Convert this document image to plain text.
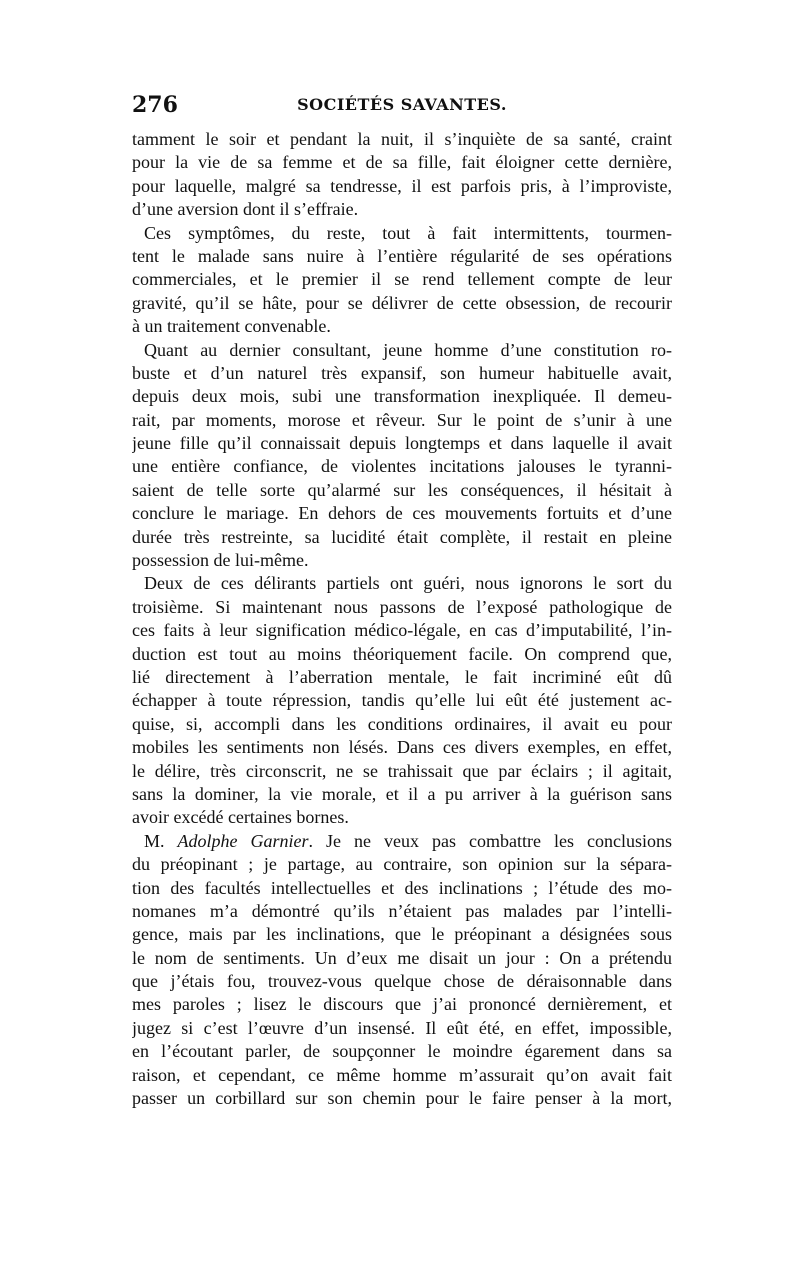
276	SOCIÉTÉS SAVANTES.
tamment le soir et pendant la nuit, il s’inquiète de sa santé, craint
pour la vie de sa femme et de sa fille, fait éloigner cette dernière,
pour laquelle, malgré sa tendresse, il est parfois pris, à l’improviste,
d’une aversion dont il s’effraie.
Ces symptômes, du reste, tout à fait intermittents, tourmen-
tent le malade sans nuire à l’entière régularité de ses opérations
commerciales, et le premier il se rend tellement compte de leur
gravité, qu’il se hâte, pour se délivrer de cette obsession, de recourir
à un traitement convenable.
Quant au dernier consultant, jeune homme d’une constitution ro-
buste et d’un naturel très expansif, son humeur habituelle avait,
depuis deux mois, subi une transformation inexpliquée. Il demeu-
rait, par moments, morose et rêveur. Sur le point de s’unir à une
jeune fille qu’il connaissait depuis longtemps et dans laquelle il avait
une entière confiance, de violentes incitations jalouses le tyranni-
saient de telle sorte qu’alarmé sur les conséquences, il hésitait à
conclure le mariage. En dehors de ces mouvements fortuits et d’une
durée très restreinte, sa lucidité était complète, il restait en pleine
possession de lui-même.
Deux de ces délirants partiels ont guéri, nous ignorons le sort du
troisième. Si maintenant nous passons de l’exposé pathologique de
ces faits à leur signification médico-légale, en cas d’imputabilité, l’in-
duction est tout au moins théoriquement facile. On comprend que,
lié directement à l’aberration mentale, le fait incriminé eût dû
échapper à toute répression, tandis qu’elle lui eût été justement ac-
quise, si, accompli dans les conditions ordinaires, il avait eu pour
mobiles les sentiments non lésés. Dans ces divers exemples, en effet,
le délire, très circonscrit, ne se trahissait que par éclairs ; il agitait,
sans la dominer, la vie morale, et il a pu arriver à la guérison sans
avoir excédé certaines bornes.
M. Adolphe Garnier. Je ne veux pas combattre les conclusions
du préopinant ; je partage, au contraire, son opinion sur la sépara-
tion des facultés intellectuelles et des inclinations ; l’étude des mo-
nomanes m’a démontré qu’ils n’étaient pas malades par l’intelli-
gence, mais par les inclinations, que le préopinant a désignées sous
le nom de sentiments. Un d’eux me disait un jour : On a prétendu
que j’étais fou, trouvez-vous quelque chose de déraisonnable dans
mes paroles ; lisez le discours que j’ai prononcé dernièrement, et
jugez si c’est l’œuvre d’un insensé. Il eût été, en effet, impossible,
en l’écoutant parler, de soupçonner le moindre égarement dans sa
raison, et cependant, ce même homme m’assurait qu’on avait fait
passer un corbillard sur son chemin pour le faire penser à la mort,
